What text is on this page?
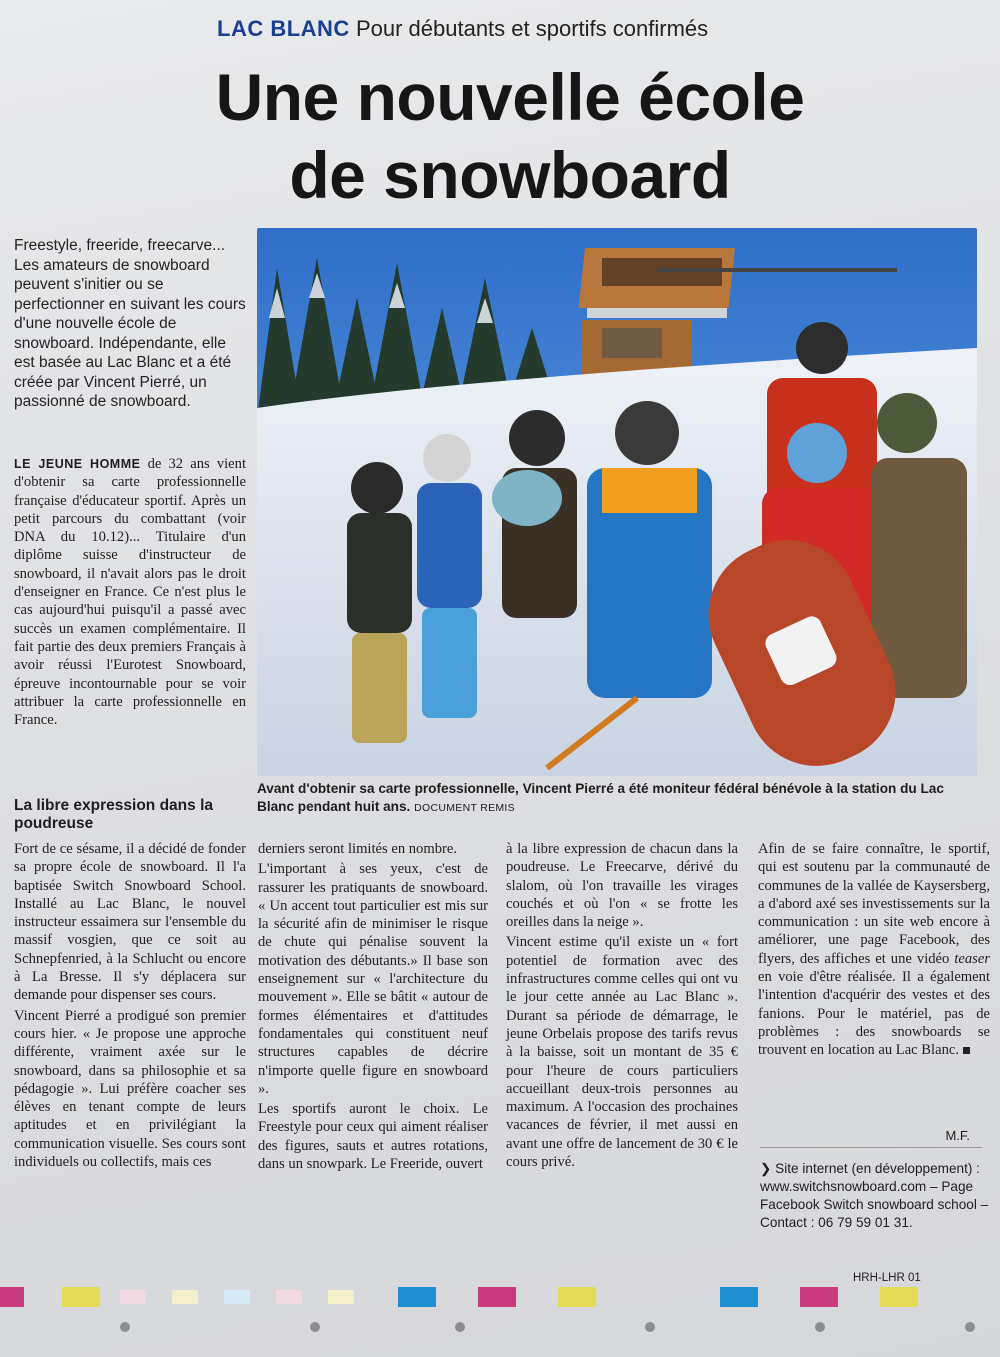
LAC BLANC Pour débutants et sportifs confirmés
Une nouvelle école
de snowboard
Freestyle, freeride, freecarve... Les amateurs de snowboard peuvent s'initier ou se perfectionner en suivant les cours d'une nouvelle école de snowboard. Indépendante, elle est basée au Lac Blanc et a été créée par Vincent Pierré, un passionné de snowboard.

LE JEUNE HOMME de 32 ans vient d'obtenir sa carte professionnelle française d'éducateur sportif. Après un petit parcours du combattant (voir DNA du 10.12)... Titulaire d'un diplôme suisse d'instructeur de snowboard, il n'avait alors pas le droit d'enseigner en France. Ce n'est plus le cas aujourd'hui puisqu'il a passé avec succès un examen complémentaire. Il fait partie des deux premiers Français à avoir réussi l'Eurotest Snowboard, épreuve incontournable pour se voir attribuer la carte professionnelle en France.

La libre expression dans la poudreuse

Fort de ce sésame, il a décidé de fonder sa propre école de snowboard. Il l'a baptisée Switch Snowboard School. Installé au Lac Blanc, le nouvel instructeur essaimera sur l'ensemble du massif vosgien, que ce soit au Schnepfenried, à la Schlucht ou encore à La Bresse. Il s'y déplacera sur demande pour dispenser ses cours.

Vincent Pierré a prodigué son premier cours hier. « Je propose une approche différente, vraiment axée sur le snowboard, dans sa philosophie et sa pédagogie ». Lui préfère coacher ses élèves en tenant compte de leurs aptitudes et en privilégiant la communication visuelle. Ses cours sont individuels ou collectifs, mais ces

derniers seront limités en nombre.

L'important à ses yeux, c'est de rassurer les pratiquants de snowboard. « Un accent tout particulier est mis sur la sécurité afin de minimiser le risque de chute qui pénalise souvent la motivation des débutants.» Il base son enseignement sur « l'architecture du mouvement ». Elle se bâtit « autour de formes élémentaires et d'attitudes fondamentales qui constituent neuf structures capables de décrire n'importe quelle figure en snowboard ».

Les sportifs auront le choix. Le Freestyle pour ceux qui aiment réaliser des figures, sauts et autres rotations, dans un snowpark. Le Freeride, ouvert

à la libre expression de chacun dans la poudreuse. Le Freecarve, dérivé du slalom, où l'on travaille les virages couchés et où l'on « se frotte les oreilles dans la neige ».

Vincent estime qu'il existe un « fort potentiel de formation avec des infrastructures comme celles qui ont vu le jour cette année au Lac Blanc ». Durant sa période de démarrage, le jeune Orbelais propose des tarifs revus à la baisse, soit un montant de 35 € pour l'heure de cours particuliers accueillant deux-trois personnes au maximum. A l'occasion des prochaines vacances de février, il met aussi en avant une offre de lancement de 30 € le cours privé.

Afin de se faire connaître, le sportif, qui est soutenu par la communauté de communes de la vallée de Kaysersberg, a d'abord axé ses investissements sur la communication : un site web encore à améliorer, une page Facebook, des flyers, des affiches et une vidéo teaser en voie d'être réalisée. Il a également l'intention d'acquérir des vestes et des fanions. Pour le matériel, pas de problèmes : des snowboards se trouvent en location au Lac Blanc.

M.F.
❯ Site internet (en développement) : www.switchsnowboard.com – Page Facebook Switch snowboard school – Contact : 06 79 59 01 31.
Avant d'obtenir sa carte professionnelle, Vincent Pierré a été moniteur fédéral bénévole à la station du Lac Blanc pendant huit ans. DOCUMENT REMIS
HRH-LHR 01
